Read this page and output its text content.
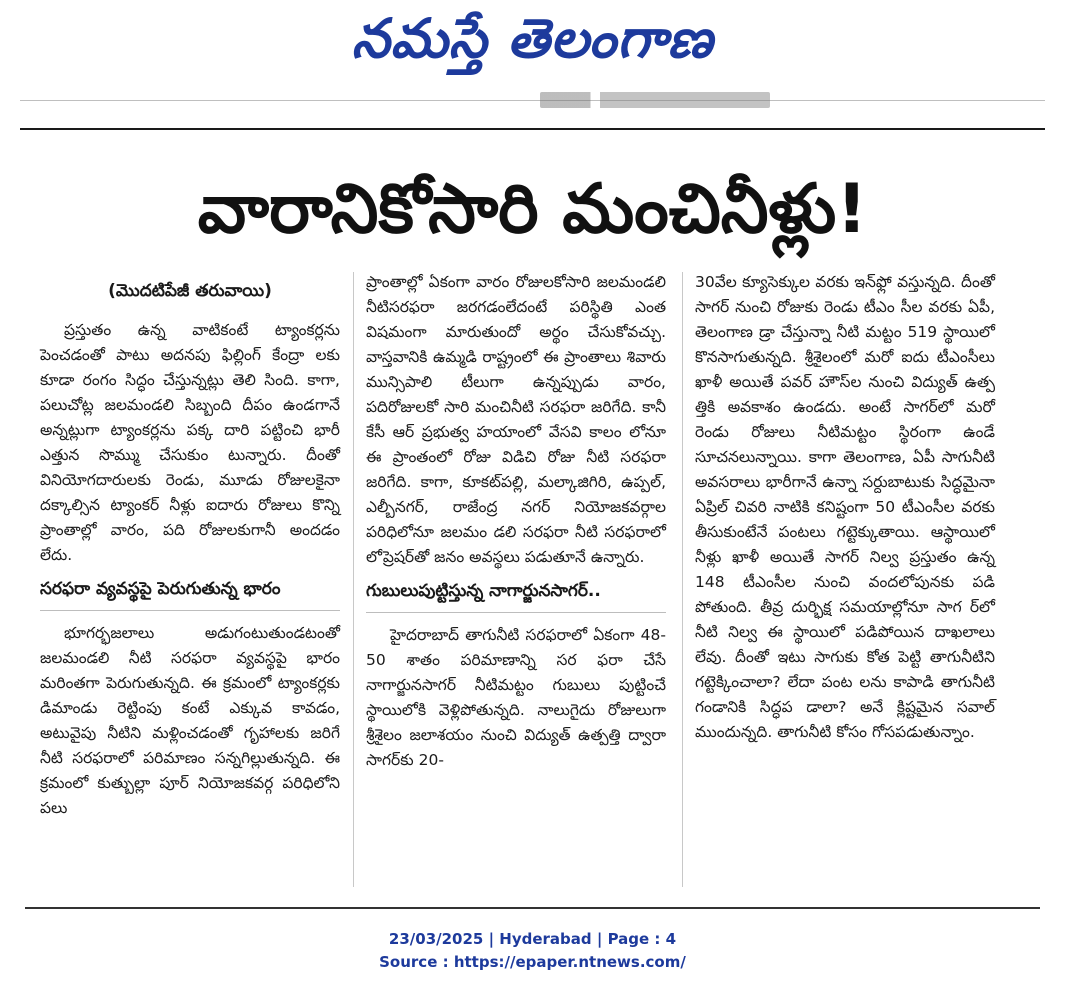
నమస్తే తెలంగాణ
వారానికోసారి మంచినీళ్లు!
(మొదటిపేజీ తరువాయి)

ప్రస్తుతం ఉన్న వాటికంటే ట్యాంకర్లను పెంచడంతో పాటు అదనపు ఫిల్లింగ్ కేంద్రా లకు కూడా రంగం సిద్ధం చేస్తున్నట్లు తెలి సింది. కాగా, పలుచోట్ల జలమండలి సిబ్బంది దీపం ఉండగానే అన్నట్లుగా ట్యాంకర్లను పక్క దారి పట్టించి భారీ ఎత్తున సొమ్ము చేసుకుం టున్నారు. దీంతో వినియోగదారులకు రెండు, మూడు రోజులకైనా దక్కాల్సిన ట్యాంకర్ నీళ్లు ఐదారు రోజులు కొన్ని ప్రాంతాల్లో వారం, పది రోజులకుగానీ అందడం లేదు.

సరఫరా వ్యవస్థపై పెరుగుతున్న భారం

భూగర్భజలాలు అడుగంటుతుండటంతో జలమండలి నీటి సరఫరా వ్యవస్థపై భారం మరింతగా పెరుగుతున్నది. ఈ క్రమంలో ట్యాంకర్లకు డిమాండు రెట్టింపు కంటే ఎక్కువ కావడం, అటువైపు నీటిని మళ్లించడంతో గృహాలకు జరిగే నీటి సరఫరాలో పరిమాణం సన్నగిల్లుతున్నది. ఈ క్రమంలో కుత్బుల్లా పూర్ నియోజకవర్గ పరిధిలోని పలు

ప్రాంతాల్లో ఏకంగా వారం రోజులకోసారి జలమండలి నీటిసరఫరా జరగడంలేదంటే పరిస్థితి ఎంత విషమంగా మారుతుందో అర్థం చేసుకోవచ్చు. వాస్తవానికి ఉమ్మడి రాష్ట్రంలో ఈ ప్రాంతాలు శివారు మున్సిపాలి టీలుగా ఉన్నప్పుడు వారం, పదిరోజులకో సారి మంచినీటి సరఫరా జరిగేది. కానీ కేసీ ఆర్ ప్రభుత్వ హయాంలో వేసవి కాలం లోనూ ఈ ప్రాంతంలో రోజు విడిచి రోజు నీటి సరఫరా జరిగేది. కాగా, కూకట్‌పల్లి, మల్కాజిగిరి, ఉప్పల్, ఎల్బీనగర్, రాజేంద్ర నగర్ నియోజకవర్గాల పరిధిలోనూ జలమం డలి సరఫరా నీటి సరఫరాలో లోప్రెషర్‌తో జనం అవస్థలు పడుతూనే ఉన్నారు.

గుబులుపుట్టిస్తున్న నాగార్జునసాగర్..

హైదరాబాద్ తాగునీటి సరఫరాలో ఏకంగా 48-50 శాతం పరిమాణాన్ని సర ఫరా చేసే నాగార్జునసాగర్ నీటిమట్టం గుబులు పుట్టించే స్థాయిలోకి వెళ్లిపోతున్నది. నాలుగైదు రోజులుగా శ్రీశైలం జలాశయం నుంచి విద్యుత్ ఉత్పత్తి ద్వారా సాగర్‌కు 20-

30వేల క్యూసెక్కుల వరకు ఇన్‌ఫ్లో వస్తున్నది. దీంతో సాగర్ నుంచి రోజుకు రెండు టీఎం సీల వరకు ఏపీ, తెలంగాణ డ్రా చేస్తున్నా నీటి మట్టం 519 స్థాయిలో కొనసాగుతున్నది. శ్రీశైలంలో మరో ఐదు టీఎంసీలు ఖాళీ అయితే పవర్ హౌస్‌ల నుంచి విద్యుత్ ఉత్ప త్తికి అవకాశం ఉండదు. అంటే సాగర్‌లో మరో రెండు రోజులు నీటిమట్టం స్థిరంగా ఉండే సూచనలున్నాయి. కాగా తెలంగాణ, ఏపీ సాగునీటి అవసరాలు భారీగానే ఉన్నా సర్దుబాటుకు సిద్ధమైనా ఏప్రిల్ చివరి నాటికి కనిష్టంగా 50 టీఎంసీల వరకు తీసుకుంటేనే పంటలు గట్టెక్కుతాయి. ఆస్థాయిలో నీళ్లు ఖాళీ అయితే సాగర్ నిల్వ ప్రస్తుతం ఉన్న 148 టీఎంసీల నుంచి వందలోపునకు పడి పోతుంది. తీవ్ర దుర్భిక్ష సమయాల్లోనూ సాగ ర్‌లో నీటి నిల్వ ఈ స్థాయిలో పడిపోయిన దాఖలాలు లేవు. దీంతో ఇటు సాగుకు కోత పెట్టి తాగునీటిని గట్టెక్కించాలా? లేదా పంట లను కాపాడి తాగునీటి గండానికి సిద్ధప డాలా? అనే క్లిష్టమైన సవాల్ ముందున్నది. తాగునీటి కోసం గోసపడుతున్నాం.

23/03/2025 | Hyderabad | Page : 4
Source : https://epaper.ntnews.com/
